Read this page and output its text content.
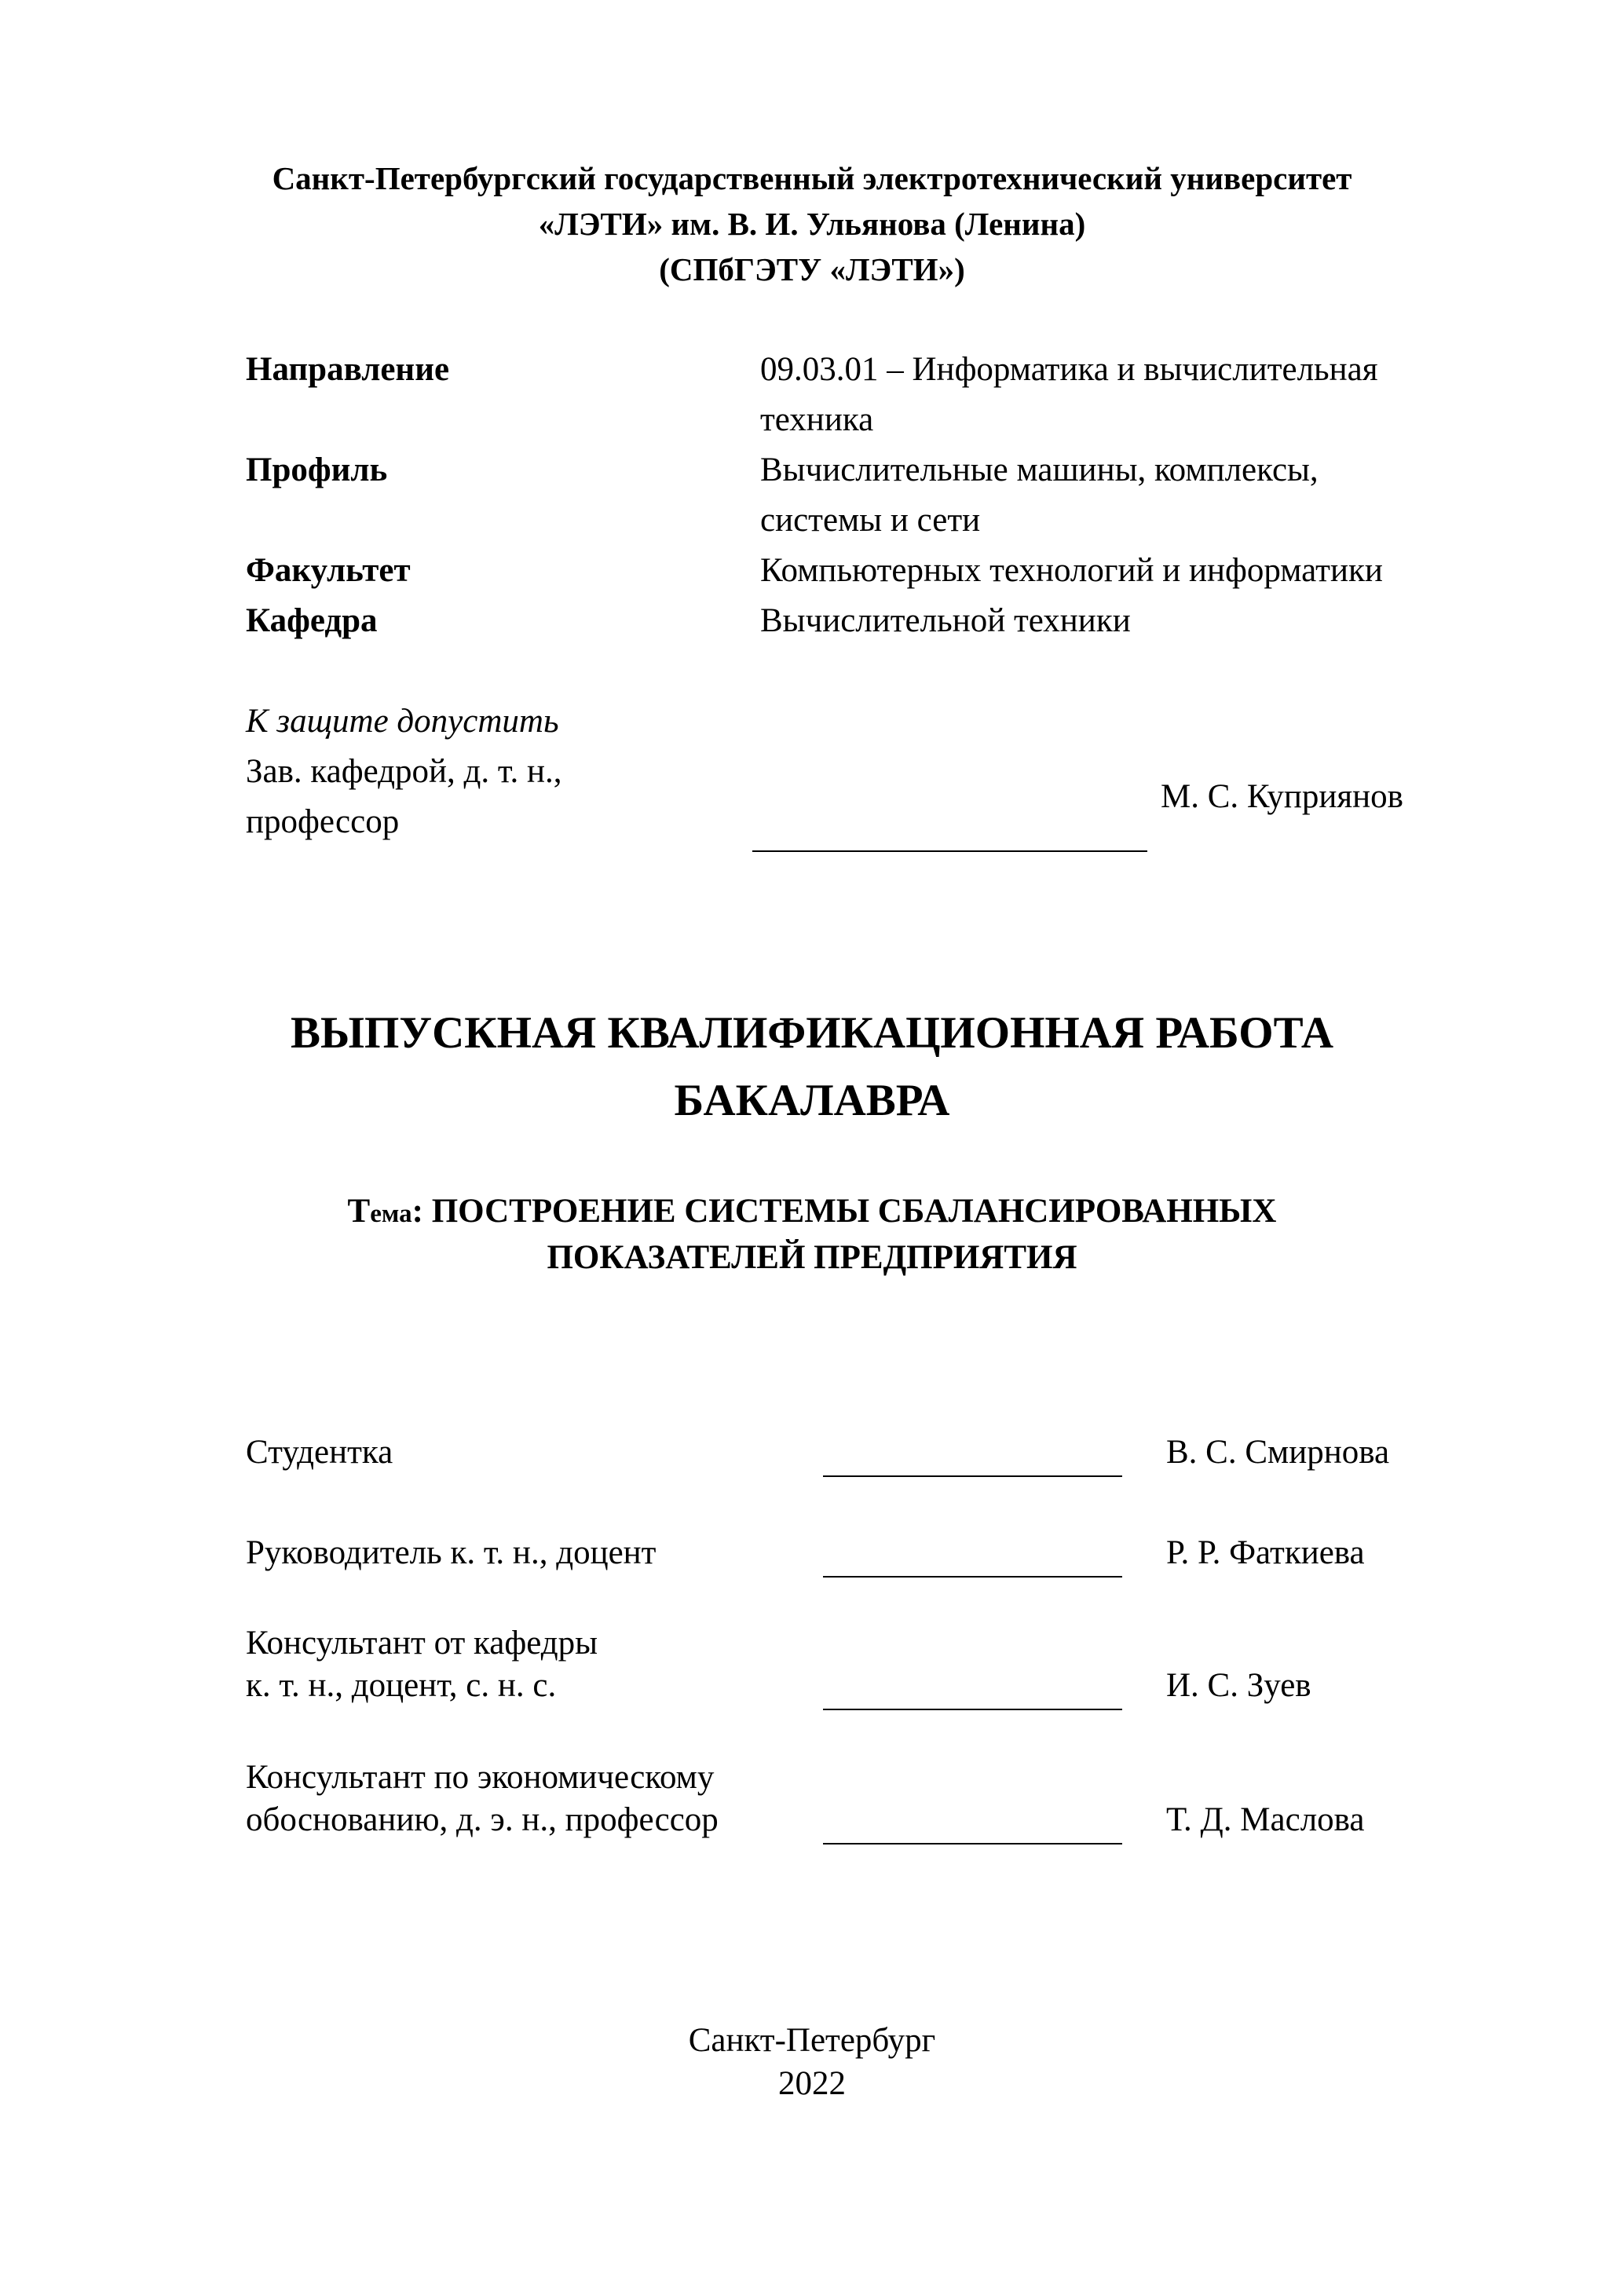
Санкт-Петербургский государственный электротехнический университет
«ЛЭТИ» им. В. И. Ульянова (Ленина)
(СПбГЭТУ «ЛЭТИ»)
Направление	09.03.01 – Информатика и вычислительная
техника
Профиль	Вычислительные машины, комплексы,
системы и сети
Факультет	Компьютерных технологий и информатики
Кафедра	Вычислительной техники
К защите допустить
Зав. кафедрой, д. т. н.,
профессор
М. С. Куприянов
ВЫПУСКНАЯ КВАЛИФИКАЦИОННАЯ РАБОТА
БАКАЛАВРА
Тема: ПОСТРОЕНИЕ СИСТЕМЫ СБАЛАНСИРОВАННЫХ
ПОКАЗАТЕЛЕЙ ПРЕДПРИЯТИЯ
Студентка	В. С. Смирнова
Руководитель к. т. н., доцент	Р. Р. Фаткиева
Консультант от кафедры
к. т. н., доцент, с. н. с.	И. С. Зуев
Консультант по экономическому
обоснованию, д. э. н., профессор	Т. Д. Маслова
Санкт-Петербург
2022
